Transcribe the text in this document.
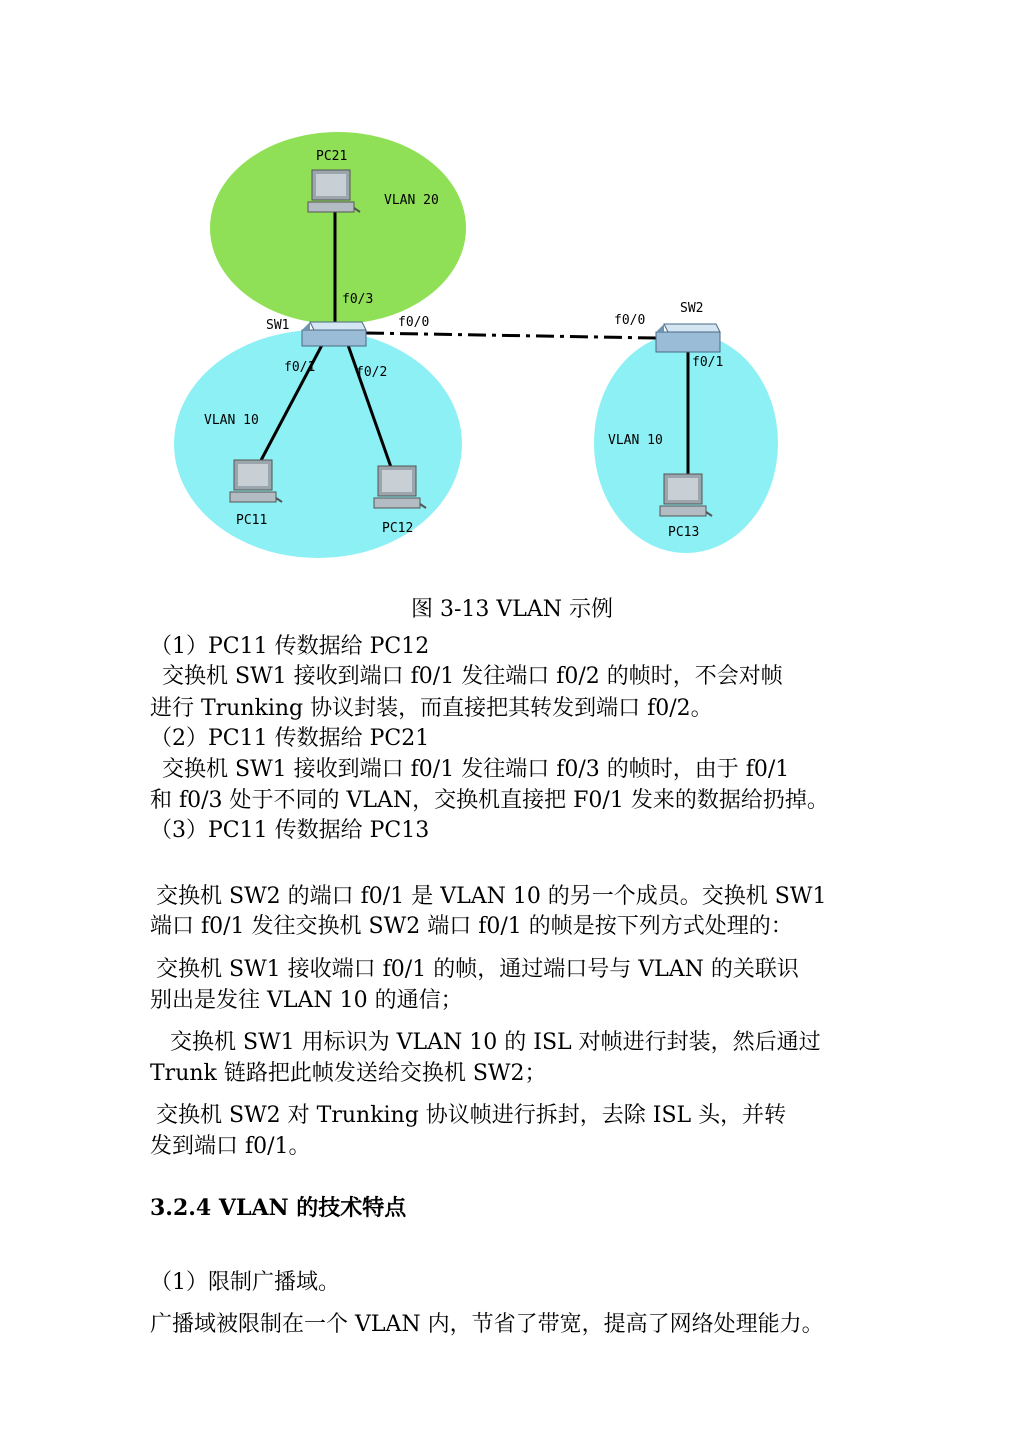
PC21
PC11
PC12	PC13
SW1
SW2
VLAN 20
VLAN 10
VLAN 10
f0/3
f0/0
f0/1	f0/2
f0/0
f0/1
图 3-13 VLAN 示例
（1）PC11 传数据给 PC12
交换机 SW1 接收到端口 f0/1 发往端口 f0/2 的帧时，不会对帧
进行 Trunking 协议封装，而直接把其转发到端口 f0/2。
（2）PC11 传数据给 PC21
交换机 SW1 接收到端口 f0/1 发往端口 f0/3 的帧时，由于 f0/1
和 f0/3 处于不同的 VLAN，交换机直接把 F0/1 发来的数据给扔掉。
（3）PC11 传数据给 PC13
交换机 SW2 的端口 f0/1 是 VLAN 10 的另一个成员。交换机 SW1
端口 f0/1 发往交换机 SW2 端口 f0/1 的帧是按下列方式处理的：
交换机 SW1 接收端口 f0/1 的帧，通过端口号与 VLAN 的关联识
别出是发往 VLAN 10 的通信；
交换机 SW1 用标识为 VLAN 10 的 ISL 对帧进行封装，然后通过
Trunk 链路把此帧发送给交换机 SW2；
交换机 SW2 对 Trunking 协议帧进行拆封，去除 ISL 头，并转
发到端口 f0/1。
3.2.4 VLAN 的技术特点
（1）限制广播域。
广播域被限制在一个 VLAN 内，节省了带宽，提高了网络处理能力。
